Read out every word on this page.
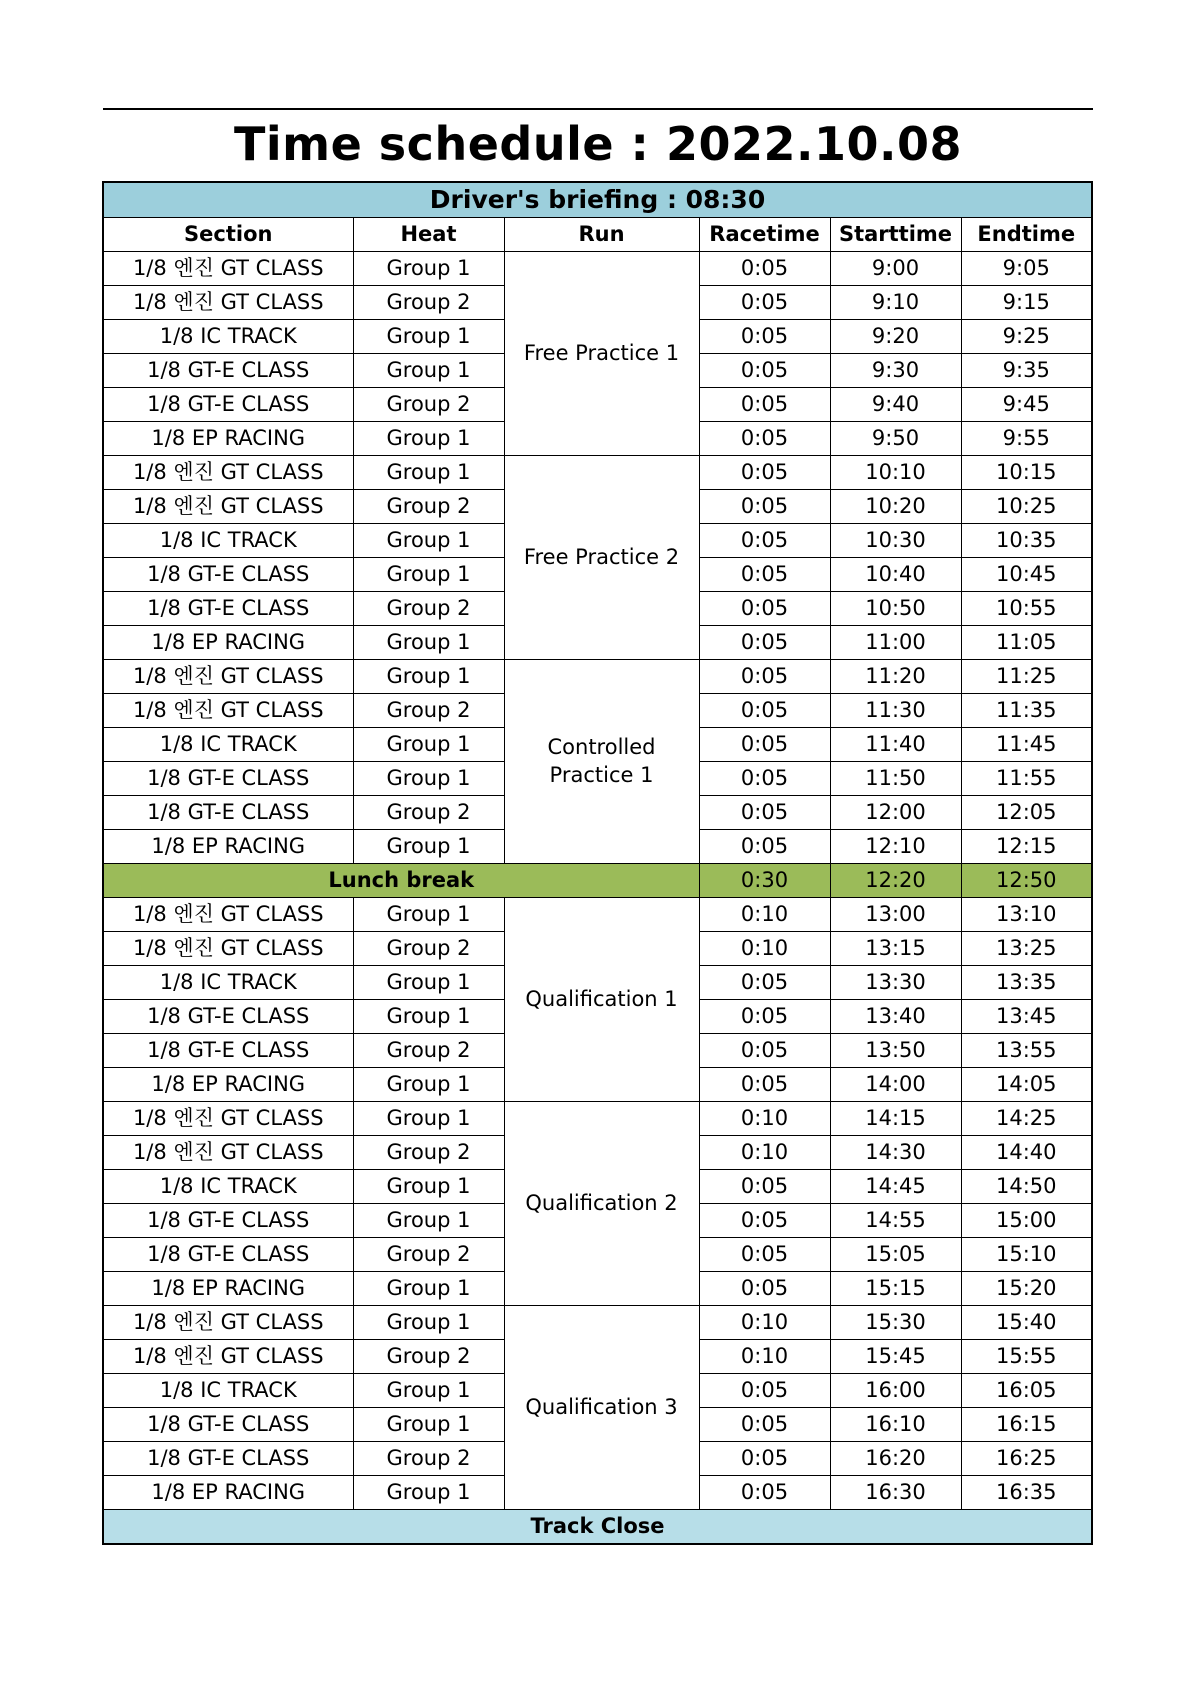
Time schedule : 2022.10.08
Driver's briefing : 08:30					
Section	Heat	Run	Racetime	Starttime	Endtime
1/8 엔진 GT CLASS	Group 1	Free Practice 1	0:05	9:00	9:05
1/8 엔진 GT CLASS	Group 2		0:05	9:10	9:15
1/8 IC TRACK	Group 1		0:05	9:20	9:25
1/8 GT-E CLASS	Group 1		0:05	9:30	9:35
1/8 GT-E CLASS	Group 2		0:05	9:40	9:45
1/8 EP RACING	Group 1		0:05	9:50	9:55
1/8 엔진 GT CLASS	Group 1	Free Practice 2	0:05	10:10	10:15
1/8 엔진 GT CLASS	Group 2		0:05	10:20	10:25
1/8 IC TRACK	Group 1		0:05	10:30	10:35
1/8 GT-E CLASS	Group 1		0:05	10:40	10:45
1/8 GT-E CLASS	Group 2		0:05	10:50	10:55
1/8 EP RACING	Group 1		0:05	11:00	11:05
1/8 엔진 GT CLASS	Group 1	Controlled Practice 1	0:05	11:20	11:25
1/8 엔진 GT CLASS	Group 2		0:05	11:30	11:35
1/8 IC TRACK	Group 1		0:05	11:40	11:45
1/8 GT-E CLASS	Group 1		0:05	11:50	11:55
1/8 GT-E CLASS	Group 2		0:05	12:00	12:05
1/8 EP RACING	Group 1		0:05	12:10	12:15
Lunch break			0:30	12:20	12:50
1/8 엔진 GT CLASS	Group 1	Qualification 1	0:10	13:00	13:10
1/8 엔진 GT CLASS	Group 2		0:10	13:15	13:25
1/8 IC TRACK	Group 1		0:05	13:30	13:35
1/8 GT-E CLASS	Group 1		0:05	13:40	13:45
1/8 GT-E CLASS	Group 2		0:05	13:50	13:55
1/8 EP RACING	Group 1		0:05	14:00	14:05
1/8 엔진 GT CLASS	Group 1	Qualification 2	0:10	14:15	14:25
1/8 엔진 GT CLASS	Group 2		0:10	14:30	14:40
1/8 IC TRACK	Group 1		0:05	14:45	14:50
1/8 GT-E CLASS	Group 1		0:05	14:55	15:00
1/8 GT-E CLASS	Group 2		0:05	15:05	15:10
1/8 EP RACING	Group 1		0:05	15:15	15:20
1/8 엔진 GT CLASS	Group 1	Qualification 3	0:10	15:30	15:40
1/8 엔진 GT CLASS	Group 2		0:10	15:45	15:55
1/8 IC TRACK	Group 1		0:05	16:00	16:05
1/8 GT-E CLASS	Group 1		0:05	16:10	16:15
1/8 GT-E CLASS	Group 2		0:05	16:20	16:25
1/8 EP RACING	Group 1		0:05	16:30	16:35
Track Close					
